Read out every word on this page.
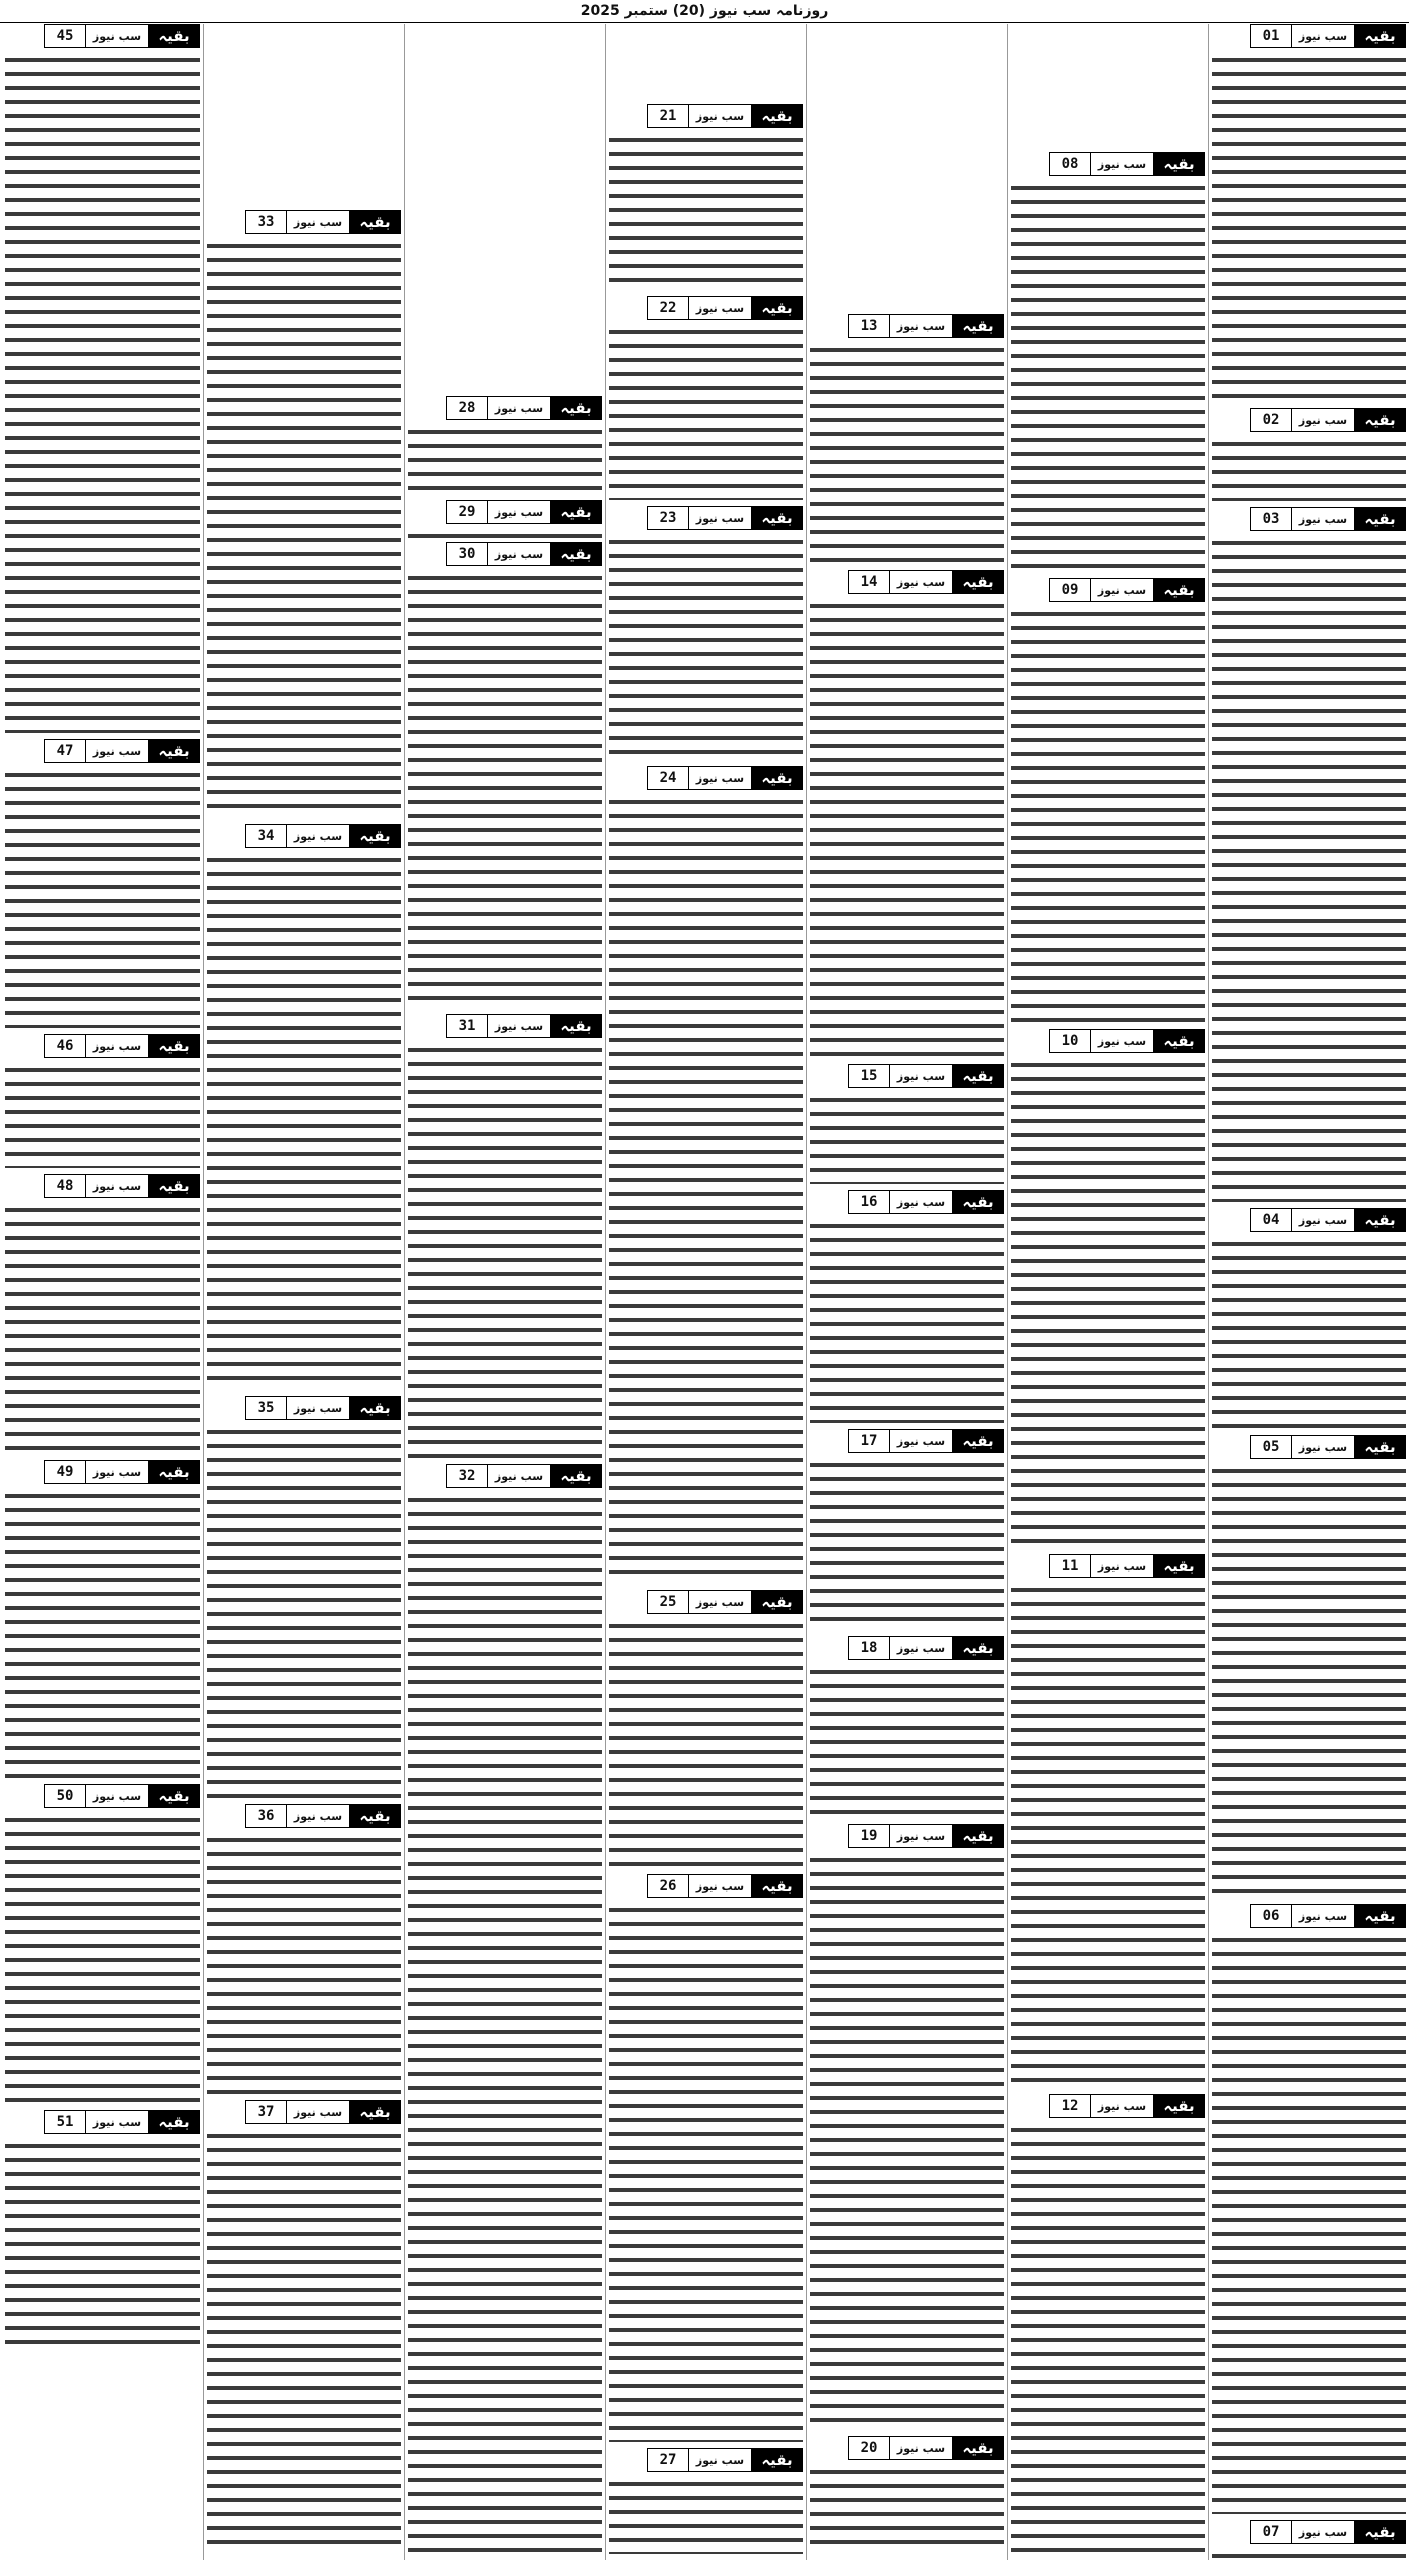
روزنامہ سب نیوز (20) ستمبر 2025
بقیہ
سب نیوز
01
بقیہ
سب نیوز
02
بقیہ
سب نیوز
03
بقیہ
سب نیوز
04
بقیہ
سب نیوز
05
بقیہ
سب نیوز
06
بقیہ
سب نیوز
07
بقیہ
سب نیوز
08
بقیہ
سب نیوز
09
بقیہ
سب نیوز
10
بقیہ
سب نیوز
11
بقیہ
سب نیوز
12
بقیہ
سب نیوز
13
بقیہ
سب نیوز
14
بقیہ
سب نیوز
15
بقیہ
سب نیوز
16
بقیہ
سب نیوز
17
بقیہ
سب نیوز
18
بقیہ
سب نیوز
19
بقیہ
سب نیوز
20
بقیہ
سب نیوز
21
بقیہ
سب نیوز
22
بقیہ
سب نیوز
23
بقیہ
سب نیوز
24
بقیہ
سب نیوز
25
بقیہ
سب نیوز
26
بقیہ
سب نیوز
27
بقیہ
سب نیوز
28
بقیہ
سب نیوز
29
بقیہ
سب نیوز
30
بقیہ
سب نیوز
31
بقیہ
سب نیوز
32
بقیہ
سب نیوز
33
بقیہ
سب نیوز
34
بقیہ
سب نیوز
35
بقیہ
سب نیوز
36
بقیہ
سب نیوز
37
بقیہ
سب نیوز
45
بقیہ
سب نیوز
47
بقیہ
سب نیوز
46
بقیہ
سب نیوز
48
بقیہ
سب نیوز
49
بقیہ
سب نیوز
50
بقیہ
سب نیوز
51
